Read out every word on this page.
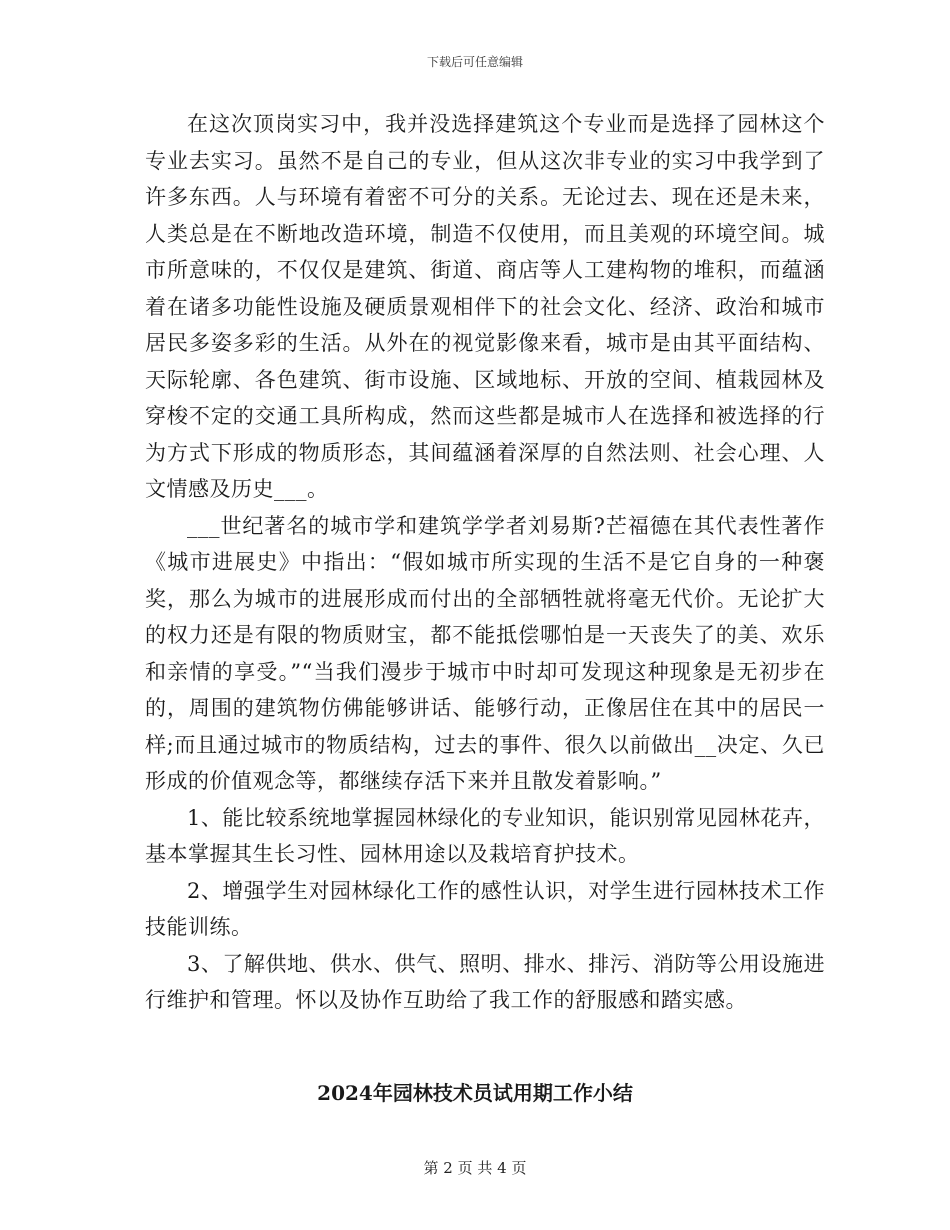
下载后可任意编辑

在这次顶岗实习中，我并没选择建筑这个专业而是选择了园林这个专业去实习。虽然不是自己的专业，但从这次非专业的实习中我学到了许多东西。人与环境有着密不可分的关系。无论过去、现在还是未来，人类总是在不断地改造环境，制造不仅使用，而且美观的环境空间。城市所意味的，不仅仅是建筑、街道、商店等人工建构物的堆积，而蕴涵着在诸多功能性设施及硬质景观相伴下的社会文化、经济、政治和城市居民多姿多彩的生活。从外在的视觉影像来看，城市是由其平面结构、天际轮廓、各色建筑、街市设施、区域地标、开放的空间、植栽园林及穿梭不定的交通工具所构成，然而这些都是城市人在选择和被选择的行为方式下形成的物质形态，其间蕴涵着深厚的自然法则、社会心理、人文情感及历史___。

___世纪著名的城市学和建筑学学者刘易斯?芒福德在其代表性著作《城市进展史》中指出：“假如城市所实现的生活不是它自身的一种褒奖，那么为城市的进展形成而付出的全部牺牲就将毫无代价。无论扩大的权力还是有限的物质财宝，都不能抵偿哪怕是一天丧失了的美、欢乐和亲情的享受。”“当我们漫步于城市中时却可发现这种现象是无初步在的，周围的建筑物仿佛能够讲话、能够行动，正像居住在其中的居民一样;而且通过城市的物质结构，过去的事件、很久以前做出__决定、久已形成的价值观念等，都继续存活下来并且散发着影响。”

1、能比较系统地掌握园林绿化的专业知识，能识别常见园林花卉，基本掌握其生长习性、园林用途以及栽培育护技术。

2、增强学生对园林绿化工作的感性认识，对学生进行园林技术工作技能训练。

3、了解供地、供水、供气、照明、排水、排污、消防等公用设施进行维护和管理。怀以及协作互助给了我工作的舒服感和踏实感。

2024年园林技术员试用期工作小结
第 2 页 共 4 页
